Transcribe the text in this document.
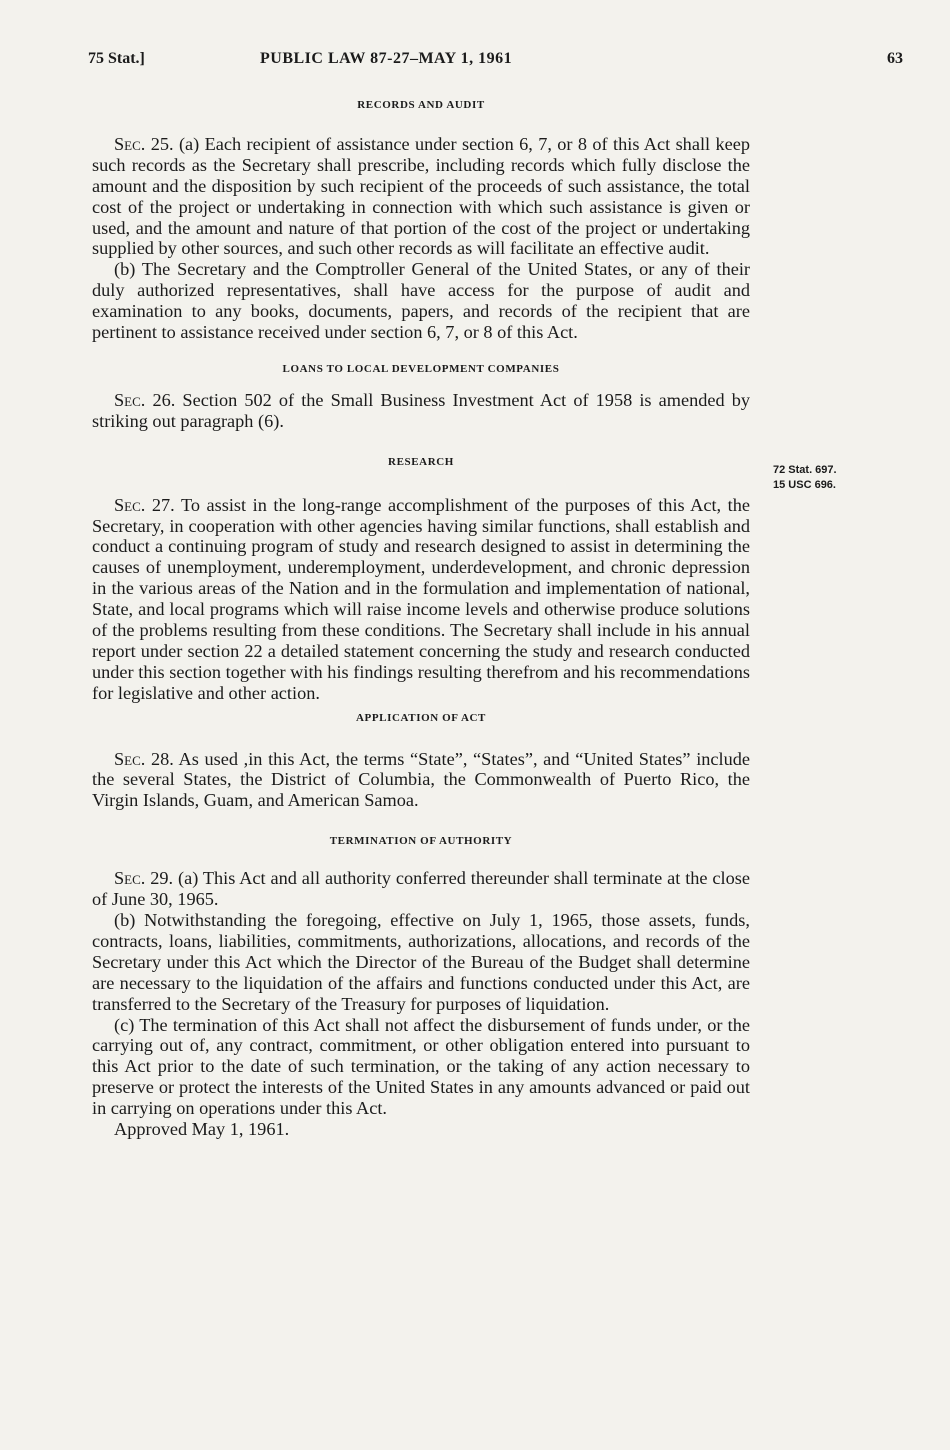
75 Stat.]	PUBLIC LAW 87-27–MAY 1, 1961	63
RECORDS AND AUDIT

Sec. 25. (a) Each recipient of assistance under section 6, 7, or 8 of this Act shall keep such records as the Secretary shall prescribe, including records which fully disclose the amount and the disposition by such recipient of the proceeds of such assistance, the total cost of the project or undertaking in connection with which such assistance is given or used, and the amount and nature of that portion of the cost of the project or undertaking supplied by other sources, and such other records as will facilitate an effective audit.

(b) The Secretary and the Comptroller General of the United States, or any of their duly authorized representatives, shall have access for the purpose of audit and examination to any books, documents, papers, and records of the recipient that are pertinent to assistance received under section 6, 7, or 8 of this Act.

LOANS TO LOCAL DEVELOPMENT COMPANIES

Sec. 26. Section 502 of the Small Business Investment Act of 1958 is amended by striking out paragraph (6).

RESEARCH

Sec. 27. To assist in the long-range accomplishment of the purposes of this Act, the Secretary, in cooperation with other agencies having similar functions, shall establish and conduct a continuing program of study and research designed to assist in determining the causes of unemployment, underemployment, underdevelopment, and chronic depression in the various areas of the Nation and in the formulation and implementation of national, State, and local programs which will raise income levels and otherwise produce solutions of the problems resulting from these conditions. The Secretary shall include in his annual report under section 22 a detailed statement concerning the study and research conducted under this section together with his findings resulting therefrom and his recommendations for legislative and other action.

APPLICATION OF ACT

Sec. 28. As used ,in this Act, the terms “State”, “States”, and “United States” include the several States, the District of Columbia, the Commonwealth of Puerto Rico, the Virgin Islands, Guam, and American Samoa.

TERMINATION OF AUTHORITY

Sec. 29. (a) This Act and all authority conferred thereunder shall terminate at the close of June 30, 1965.

(b) Notwithstanding the foregoing, effective on July 1, 1965, those assets, funds, contracts, loans, liabilities, commitments, authorizations, allocations, and records of the Secretary under this Act which the Director of the Bureau of the Budget shall determine are necessary to the liquidation of the affairs and functions conducted under this Act, are transferred to the Secretary of the Treasury for purposes of liquidation.

(c) The termination of this Act shall not affect the disbursement of funds under, or the carrying out of, any contract, commitment, or other obligation entered into pursuant to this Act prior to the date of such termination, or the taking of any action necessary to preserve or protect the interests of the United States in any amounts advanced or paid out in carrying on operations under this Act.

Approved May 1, 1961.

72 Stat. 697.
15 USC 696.
